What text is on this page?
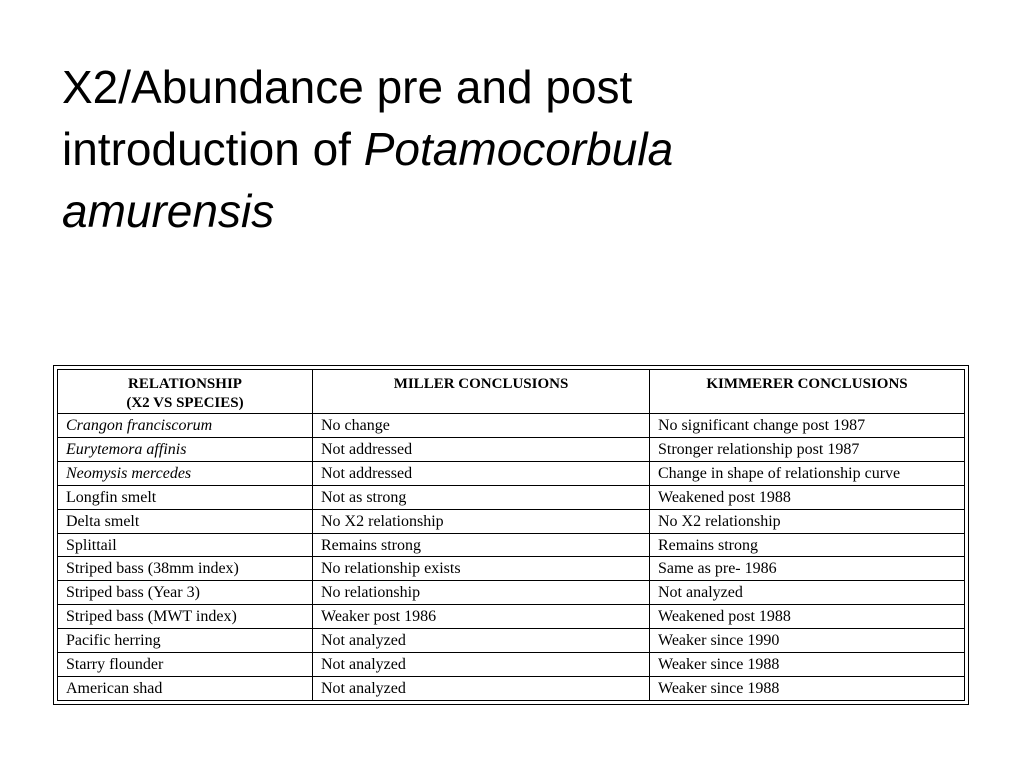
X2/Abundance pre and post
introduction of Potamocorbula
amurensis
RELATIONSHIP
(X2 VS SPECIES)	MILLER CONCLUSIONS	KIMMERER CONCLUSIONS
Crangon franciscorum	No change	No significant change post 1987
Eurytemora affinis	Not addressed	Stronger relationship post 1987
Neomysis mercedes	Not addressed	Change in shape of relationship curve
Longfin smelt	Not as strong	Weakened post 1988
Delta smelt	No X2 relationship	No X2 relationship
Splittail	Remains strong	Remains strong
Striped bass (38mm index)	No relationship exists	Same as pre- 1986
Striped bass (Year 3)	No relationship	Not analyzed
Striped bass (MWT index)	Weaker post 1986	Weakened post 1988
Pacific herring	Not analyzed	Weaker since 1990
Starry flounder	Not analyzed	Weaker since 1988
American shad	Not analyzed	Weaker since 1988
